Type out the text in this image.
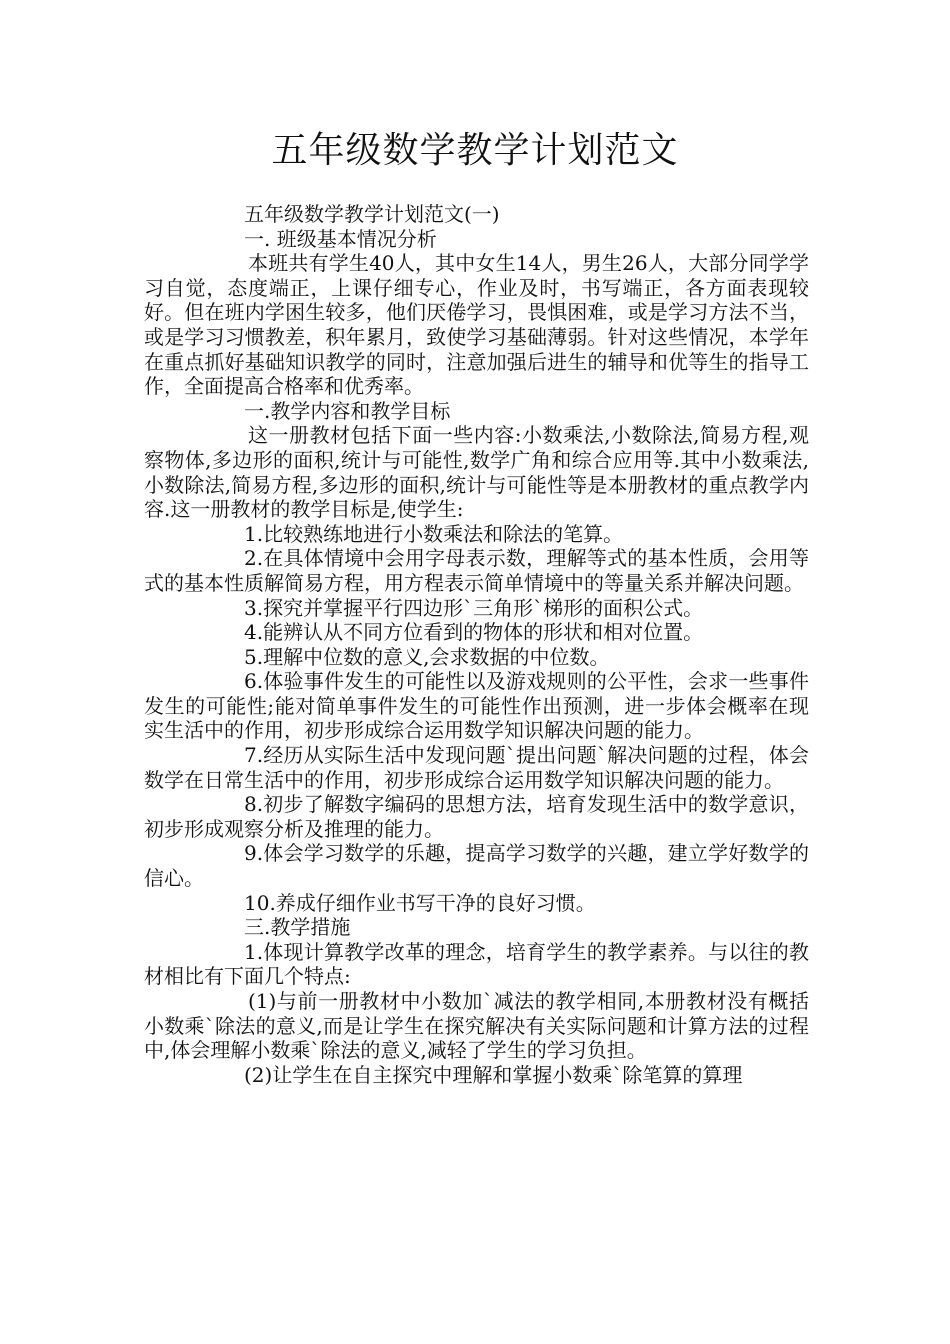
五年级数学教学计划范文

五年级数学教学计划范文(一)

一. 班级基本情况分析

本班共有学生40人，其中女生14人，男生26人，大部分同学学习自觉，态度端正，上课仔细专心，作业及时，书写端正，各方面表现较好。但在班内学困生较多，他们厌倦学习，畏惧困难，或是学习方法不当，或是学习习惯教差，积年累月，致使学习基础薄弱。针对这些情况，本学年在重点抓好基础知识教学的同时，注意加强后进生的辅导和优等生的指导工作，全面提高合格率和优秀率。

一.教学内容和教学目标

这一册教材包括下面一些内容:小数乘法,小数除法,简易方程,观察物体,多边形的面积,统计与可能性,数学广角和综合应用等.其中小数乘法,小数除法,简易方程,多边形的面积,统计与可能性等是本册教材的重点教学内容.这一册教材的教学目标是,使学生:

1.比较熟练地进行小数乘法和除法的笔算。

2.在具体情境中会用字母表示数，理解等式的基本性质，会用等式的基本性质解简易方程，用方程表示简单情境中的等量关系并解决问题。

3.探究并掌握平行四边形`三角形`梯形的面积公式。

4.能辨认从不同方位看到的物体的形状和相对位置。

5.理解中位数的意义,会求数据的中位数。

6.体验事件发生的可能性以及游戏规则的公平性，会求一些事件发生的可能性;能对简单事件发生的可能性作出预测，进一步体会概率在现实生活中的作用，初步形成综合运用数学知识解决问题的能力。

7.经历从实际生活中发现问题`提出问题`解决问题的过程，体会数学在日常生活中的作用，初步形成综合运用数学知识解决问题的能力。

8.初步了解数字编码的思想方法，培育发现生活中的数学意识，初步形成观察分析及推理的能力。

9.体会学习数学的乐趣，提高学习数学的兴趣，建立学好数学的信心。

10.养成仔细作业书写干净的良好习惯。

三.教学措施

1.体现计算教学改革的理念，培育学生的教学素养。与以往的教材相比有下面几个特点:

(1)与前一册教材中小数加`减法的教学相同,本册教材没有概括小数乘`除法的意义,而是让学生在探究解决有关实际问题和计算方法的过程中,体会理解小数乘`除法的意义,减轻了学生的学习负担。

(2)让学生在自主探究中理解和掌握小数乘`除笔算的算理
